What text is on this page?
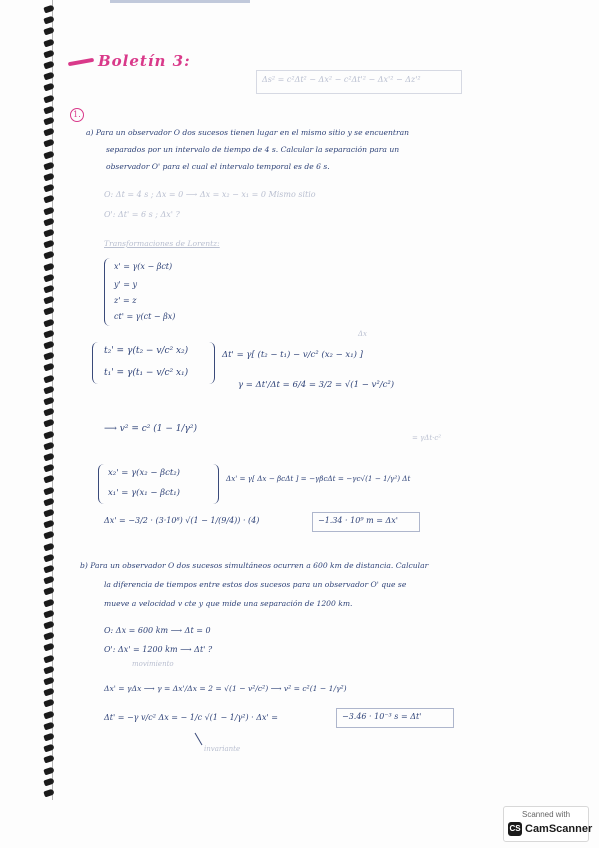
Boletín 3:
Δs² = c²Δt² − Δx² − c²Δt'² − Δx'² − Δz'²
1.
a) Para un observador O dos sucesos tienen lugar en el mismo sitio y se encuentran
separados por un intervalo de tiempo de 4 s. Calcular la separación para un
observador O' para el cual el intervalo temporal es de 6 s.
O: Δt = 4 s ; Δx = 0 ⟶ Δx = x₂ − x₁ = 0 Mismo sitio
O': Δt' = 6 s ; Δx' ?
Transformaciones de Lorentz:
x' = γ(x − βct)
y' = y
z' = z
ct' = γ(ct − βx)
t₂' = γ(t₂ − v/c² x₂)
t₁' = γ(t₁ − v/c² x₁)
Δx
Δt' = γ[ (t₂ − t₁) − v/c² (x₂ − x₁) ]
γ = Δt'/Δt = 6/4 = 3/2 = √(1 − v²/c²)
⟶ v² = c² (1 − 1/γ²)
= γΔt·c²
x₂' = γ(x₂ − βct₂)
x₁' = γ(x₁ − βct₁)
Δx' = γ[ Δx − βcΔt ] = −γβcΔt = −γc√(1 − 1/γ²) Δt
Δx' = −3/2 · (3·10⁸) √(1 − 1/(9/4)) · (4)	−1.34 · 10⁹ m = Δx'
b) Para un observador O dos sucesos simultáneos ocurren a 600 km de distancia. Calcular
la diferencia de tiempos entre estos dos sucesos para un observador O' que se
mueve a velocidad v cte y que mide una separación de 1200 km.
O: Δx = 600 km ⟶ Δt = 0
O': Δx' = 1200 km ⟶ Δt' ?
movimiento
Δx' = γΔx ⟶ γ = Δx'/Δx = 2 = √(1 − v²/c²) ⟶ v² = c²(1 − 1/γ²)
Δt' = −γ v/c² Δx = − 1/c √(1 − 1/γ²) · Δx' =	−3.46 · 10⁻³ s = Δt'
invariante
Scanned with
CS CamScanner
